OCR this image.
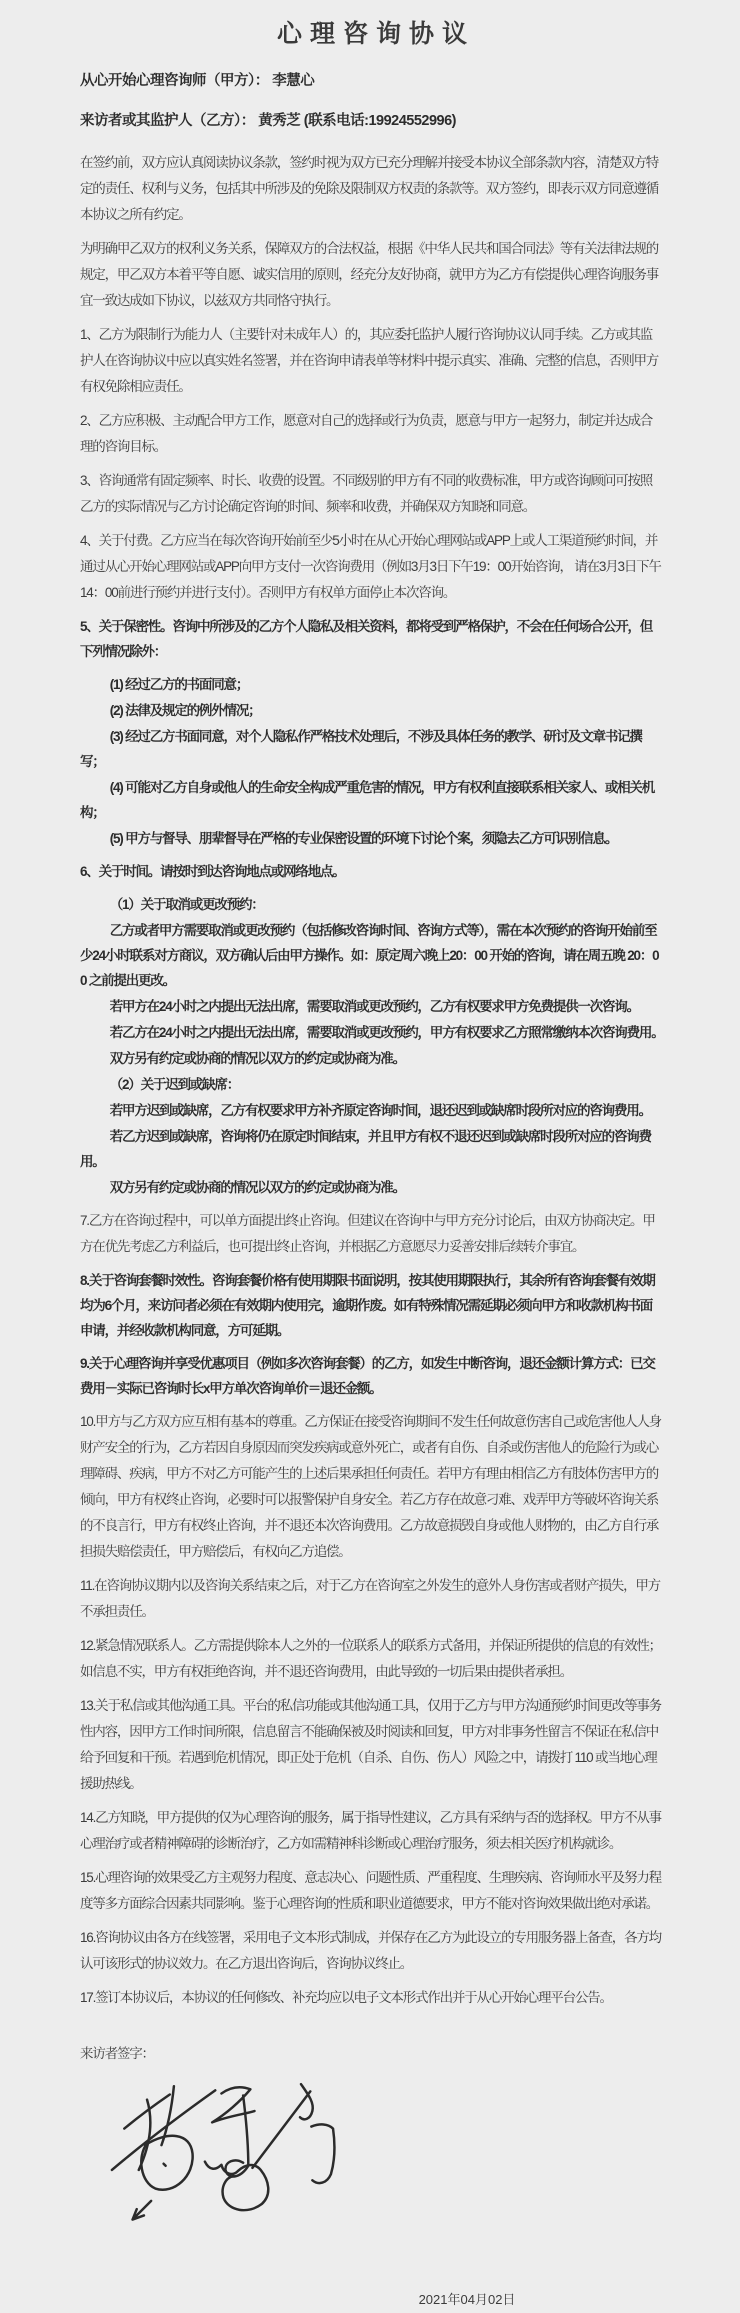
心理咨询协议

从心开始心理咨询师（甲方）： 李慧心

来访者或其监护人（乙方）： 黄秀芝 (联系电话:19924552996)

在签约前，双方应认真阅读协议条款，签约时视为双方已充分理解并接受本协议全部条款内容，清楚双方特定的责任、权利与义务，包括其中所涉及的免除及限制双方权责的条款等。双方签约，即表示双方同意遵循本协议之所有约定。

为明确甲乙双方的权利义务关系，保障双方的合法权益，根据《中华人民共和国合同法》等有关法律法规的规定，甲乙双方本着平等自愿、诚实信用的原则，经充分友好协商，就甲方为乙方有偿提供心理咨询服务事宜一致达成如下协议，以兹双方共同恪守执行。

1、乙方为限制行为能力人（主要针对未成年人）的，其应委托监护人履行咨询协议认同手续。乙方或其监护人在咨询协议中应以真实姓名签署，并在咨询申请表单等材料中提示真实、准确、完整的信息，否则甲方有权免除相应责任。

2、乙方应积极、主动配合甲方工作，愿意对自己的选择或行为负责，愿意与甲方一起努力，制定并达成合理的咨询目标。

3、咨询通常有固定频率、时长、收费的设置。不同级别的甲方有不同的收费标准，甲方或咨询顾问可按照乙方的实际情况与乙方讨论确定咨询的时间、频率和收费，并确保双方知晓和同意。

4、关于付费。乙方应当在每次咨询开始前至少5小时在从心开始心理网站或APP上或人工渠道预约时间，并通过从心开始心理网站或APP向甲方支付一次咨询费用（例如3月3日下午19：00开始咨询， 请在3月3日下午14：00前进行预约并进行支付）。否则甲方有权单方面停止本次咨询。

5、关于保密性。咨询中所涉及的乙方个人隐私及相关资料，都将受到严格保护，不会在任何场合公开，但下列情况除外：

(1) 经过乙方的书面同意；

(2) 法律及规定的例外情况；

(3) 经过乙方书面同意，对个人隐私作严格技术处理后，不涉及具体任务的教学、研讨及文章书记撰写；

(4) 可能对乙方自身或他人的生命安全构成严重危害的情况，甲方有权利直接联系相关家人、或相关机构；

(5) 甲方与督导、朋辈督导在严格的专业保密设置的环境下讨论个案，须隐去乙方可识别信息。

6、关于时间。请按时到达咨询地点或网络地点。

（1）关于取消或更改预约：

乙方或者甲方需要取消或更改预约（包括修改咨询时间、咨询方式等），需在本次预约的咨询开始前至少24小时联系对方商议，双方确认后由甲方操作。如：原定周六晚上20：00 开始的咨询，请在周五晚 20：00 之前提出更改。

若甲方在24小时之内提出无法出席，需要取消或更改预约，乙方有权要求甲方免费提供一次咨询。

若乙方在24小时之内提出无法出席，需要取消或更改预约，甲方有权要求乙方照常缴纳本次咨询费用。

双方另有约定或协商的情况以双方的约定或协商为准。

（2）关于迟到或缺席：

若甲方迟到或缺席，乙方有权要求甲方补齐原定咨询时间，退还迟到或缺席时段所对应的咨询费用。

若乙方迟到或缺席，咨询将仍在原定时间结束，并且甲方有权不退还迟到或缺席时段所对应的咨询费用。

双方另有约定或协商的情况以双方的约定或协商为准。

7.乙方在咨询过程中，可以单方面提出终止咨询。但建议在咨询中与甲方充分讨论后，由双方协商决定。甲方在优先考虑乙方利益后，也可提出终止咨询，并根据乙方意愿尽力妥善安排后续转介事宜。

8.关于咨询套餐时效性。咨询套餐价格有使用期限书面说明，按其使用期限执行，其余所有咨询套餐有效期均为6个月，来访问者必须在有效期内使用完，逾期作废。如有特殊情况需延期必须向甲方和收款机构书面申请，并经收款机构同意，方可延期。

9.关于心理咨询并享受优惠项目（例如多次咨询套餐）的乙方，如发生中断咨询，退还金额计算方式：已交费用－实际已咨询时长x甲方单次咨询单价＝退还金额。

10.甲方与乙方双方应互相有基本的尊重。乙方保证在接受咨询期间不发生任何故意伤害自己或危害他人人身财产安全的行为，乙方若因自身原因而突发疾病或意外死亡，或者有自伤、自杀或伤害他人的危险行为或心理障碍、疾病，甲方不对乙方可能产生的上述后果承担任何责任。若甲方有理由相信乙方有肢体伤害甲方的倾向，甲方有权终止咨询，必要时可以报警保护自身安全。若乙方存在故意刁难、戏弄甲方等破坏咨询关系的不良言行，甲方有权终止咨询，并不退还本次咨询费用。乙方故意损毁自身或他人财物的，由乙方自行承担损失赔偿责任，甲方赔偿后，有权向乙方追偿。

11.在咨询协议期内以及咨询关系结束之后，对于乙方在咨询室之外发生的意外人身伤害或者财产损失，甲方不承担责任。

12.紧急情况联系人。乙方需提供除本人之外的一位联系人的联系方式备用，并保证所提供的信息的有效性；如信息不实，甲方有权拒绝咨询，并不退还咨询费用，由此导致的一切后果由提供者承担。

13.关于私信或其他沟通工具。平台的私信功能或其他沟通工具，仅用于乙方与甲方沟通预约时间更改等事务性内容，因甲方工作时间所限，信息留言不能确保被及时阅读和回复，甲方对非事务性留言不保证在私信中给予回复和干预。若遇到危机情况，即正处于危机（自杀、自伤、伤人）风险之中，请拨打 110 或当地心理援助热线。

14.乙方知晓，甲方提供的仅为心理咨询的服务，属于指导性建议，乙方具有采纳与否的选择权。甲方不从事心理治疗或者精神障碍的诊断治疗，乙方如需精神科诊断或心理治疗服务，须去相关医疗机构就诊。

15.心理咨询的效果受乙方主观努力程度、意志决心、问题性质、严重程度、生理疾病、咨询师水平及努力程度等多方面综合因素共同影响。鉴于心理咨询的性质和职业道德要求，甲方不能对咨询效果做出绝对承诺。

16.咨询协议由各方在线签署，采用电子文本形式制成，并保存在乙方为此设立的专用服务器上备查，各方均认可该形式的协议效力。在乙方退出咨询后，咨询协议终止。

17.签订本协议后，本协议的任何修改、补充均应以电子文本形式作出并于从心开始心理平台公告。

来访者签字：

2021年04月02日
